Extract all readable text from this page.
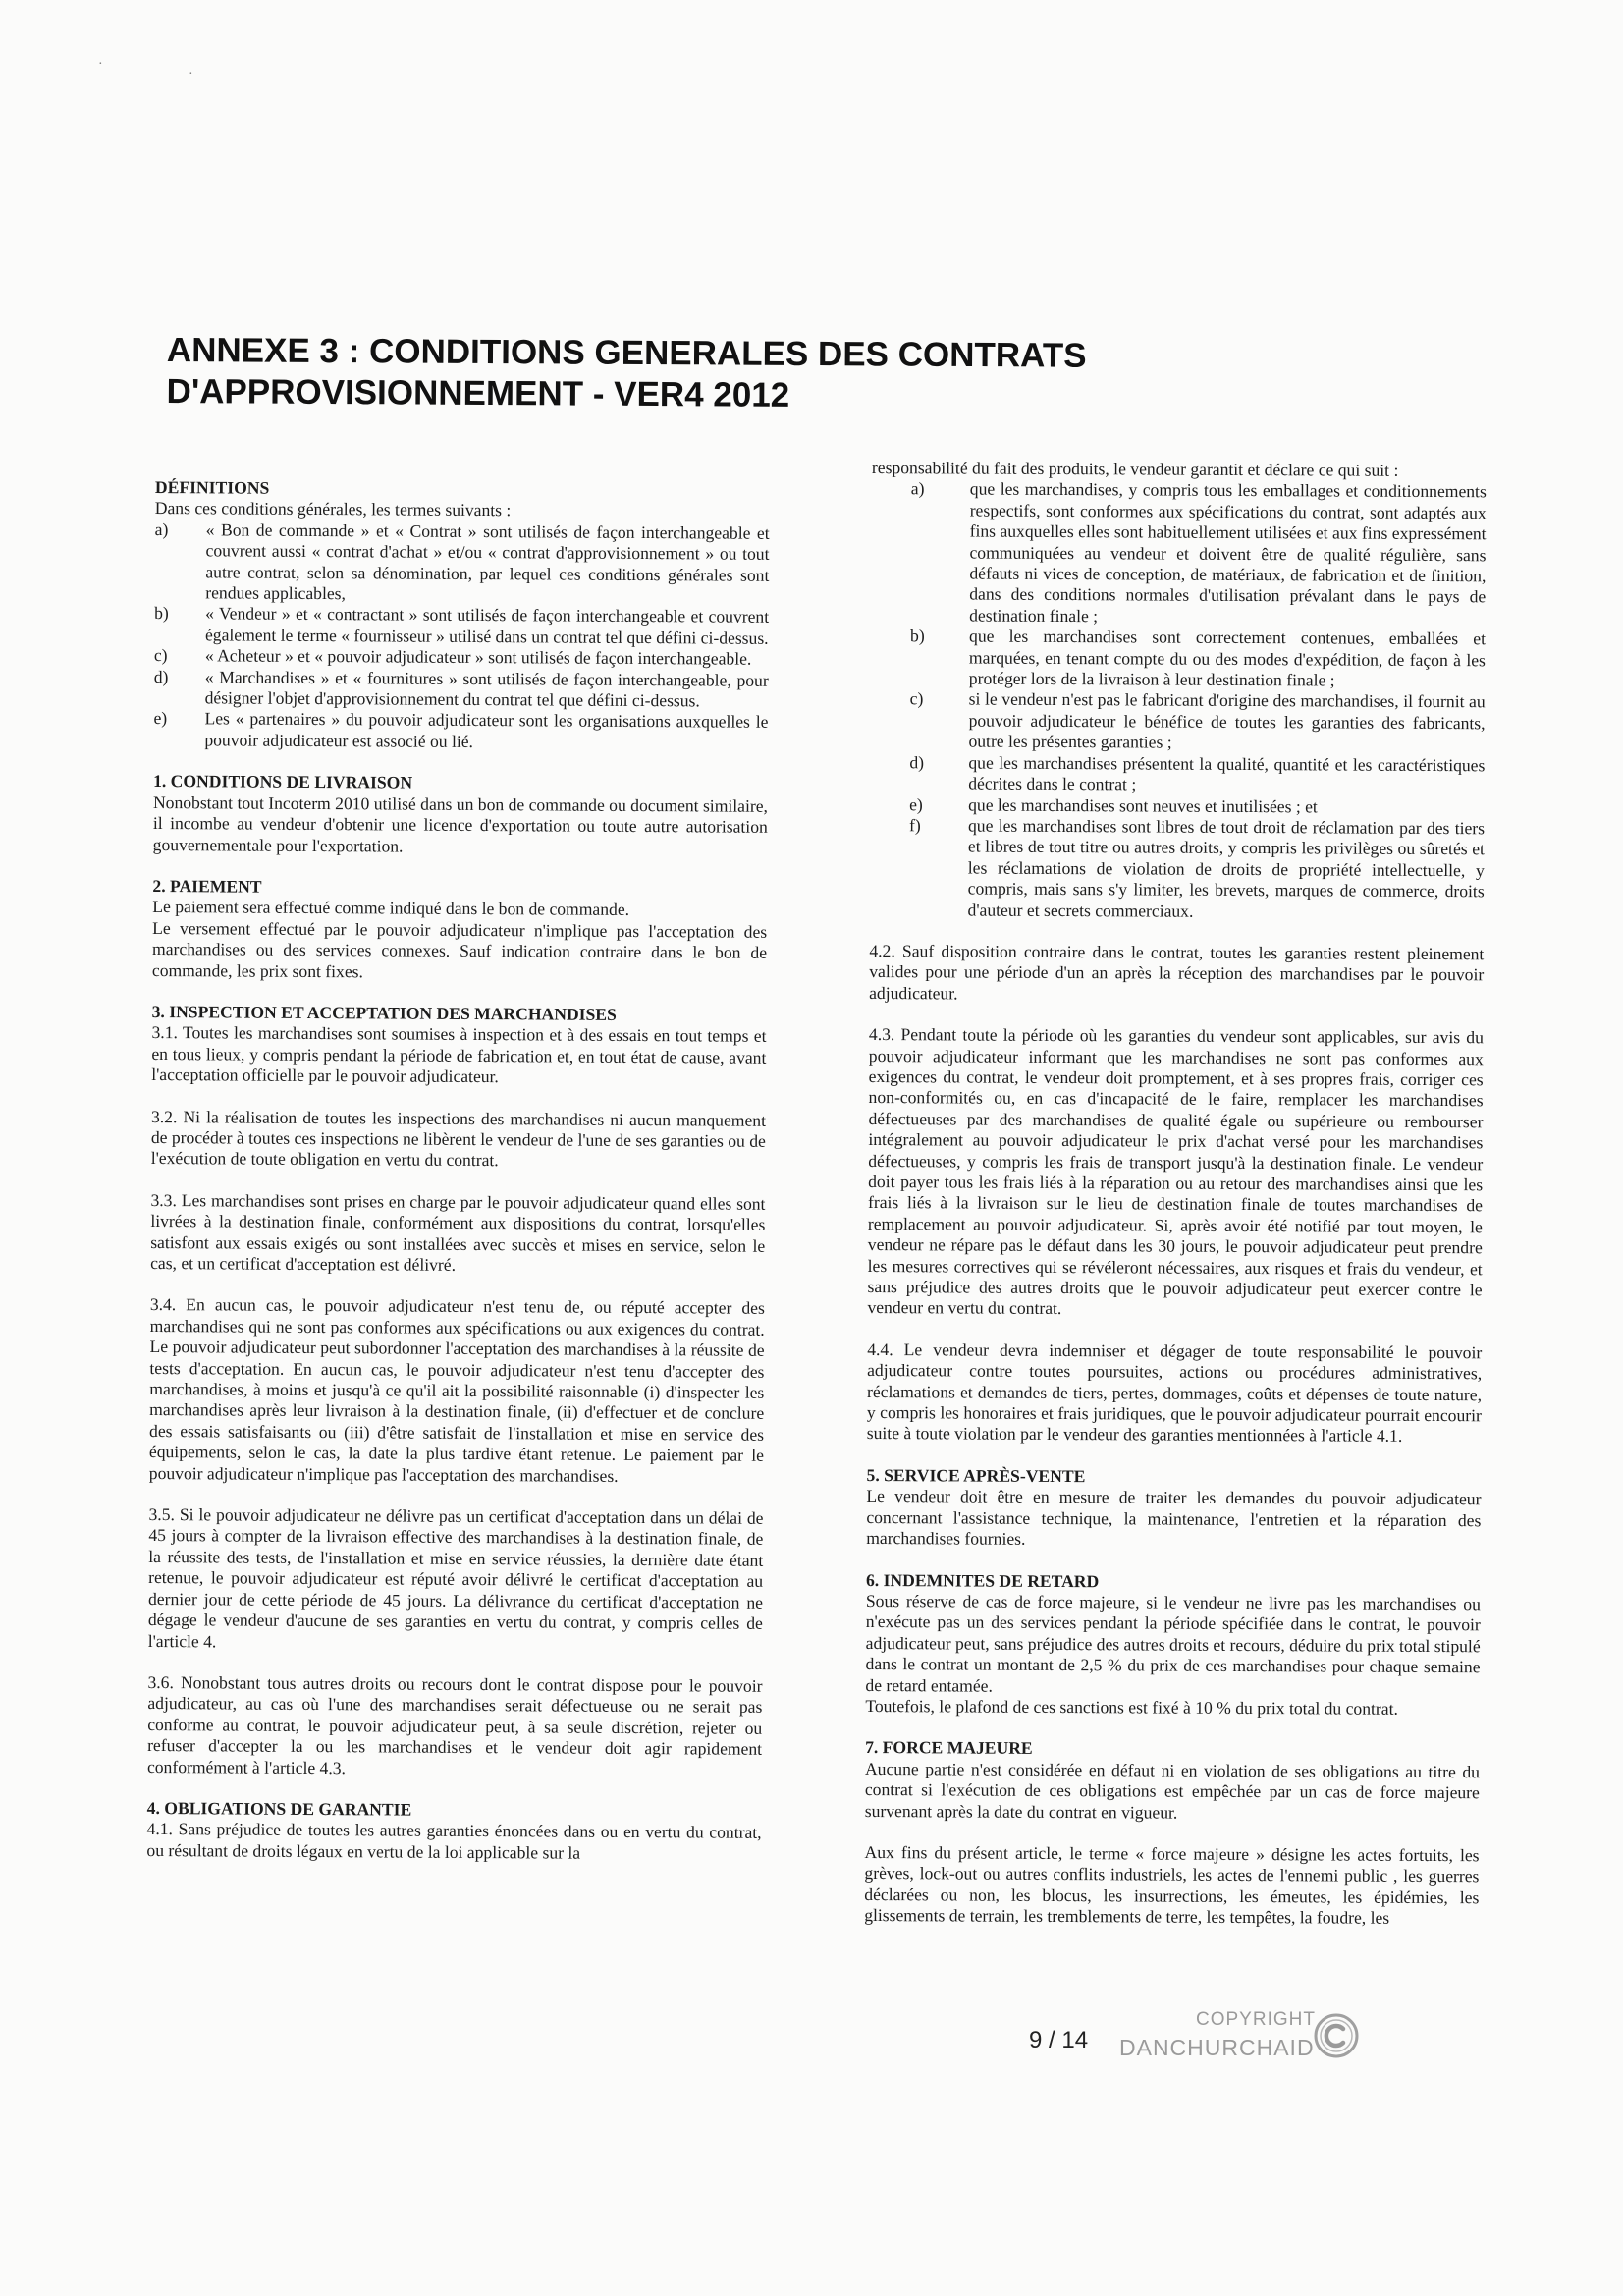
·
·
ANNEXE 3 : CONDITIONS GENERALES DES CONTRATS
D'APPROVISIONNEMENT - VER4 2012

DÉFINITIONS

Dans ces conditions générales, les termes suivants :

a)	« Bon de commande » et « Contrat » sont utilisés de façon interchangeable et couvrent aussi « contrat d'achat » et/ou « contrat d'approvisionnement » ou tout autre contrat, selon sa dénomination, par lequel ces conditions générales sont rendues applicables,
b)	« Vendeur » et « contractant » sont utilisés de façon interchangeable et couvrent également le terme « fournisseur » utilisé dans un contrat tel que défini ci-dessus.
c)	« Acheteur » et « pouvoir adjudicateur » sont utilisés de façon interchangeable.
d)	« Marchandises » et « fournitures » sont utilisés de façon interchangeable, pour désigner l'objet d'approvisionnement du contrat tel que défini ci-dessus.
e)	Les « partenaires » du pouvoir adjudicateur sont les organisations auxquelles le pouvoir adjudicateur est associé ou lié.

1. CONDITIONS DE LIVRAISON

Nonobstant tout Incoterm 2010 utilisé dans un bon de commande ou document similaire, il incombe au vendeur d'obtenir une licence d'exportation ou toute autre autorisation gouvernementale pour l'exportation.

2. PAIEMENT

Le paiement sera effectué comme indiqué dans le bon de commande.

Le versement effectué par le pouvoir adjudicateur n'implique pas l'acceptation des marchandises ou des services connexes. Sauf indication contraire dans le bon de commande, les prix sont fixes.

3. INSPECTION ET ACCEPTATION DES MARCHANDISES

3.1. Toutes les marchandises sont soumises à inspection et à des essais en tout temps et en tous lieux, y compris pendant la période de fabrication et, en tout état de cause, avant l'acceptation officielle par le pouvoir adjudicateur.

3.2. Ni la réalisation de toutes les inspections des marchandises ni aucun manquement de procéder à toutes ces inspections ne libèrent le vendeur de l'une de ses garanties ou de l'exécution de toute obligation en vertu du contrat.

3.3. Les marchandises sont prises en charge par le pouvoir adjudicateur quand elles sont livrées à la destination finale, conformément aux dispositions du contrat, lorsqu'elles satisfont aux essais exigés ou sont installées avec succès et mises en service, selon le cas, et un certificat d'acceptation est délivré.

3.4. En aucun cas, le pouvoir adjudicateur n'est tenu de, ou réputé accepter des marchandises qui ne sont pas conformes aux spécifications ou aux exigences du contrat. Le pouvoir adjudicateur peut subordonner l'acceptation des marchandises à la réussite de tests d'acceptation. En aucun cas, le pouvoir adjudicateur n'est tenu d'accepter des marchandises, à moins et jusqu'à ce qu'il ait la possibilité raisonnable (i) d'inspecter les marchandises après leur livraison à la destination finale, (ii) d'effectuer et de conclure des essais satisfaisants ou (iii) d'être satisfait de l'installation et mise en service des équipements, selon le cas, la date la plus tardive étant retenue. Le paiement par le pouvoir adjudicateur n'implique pas l'acceptation des marchandises.

3.5. Si le pouvoir adjudicateur ne délivre pas un certificat d'acceptation dans un délai de 45 jours à compter de la livraison effective des marchandises à la destination finale, de la réussite des tests, de l'installation et mise en service réussies, la dernière date étant retenue, le pouvoir adjudicateur est réputé avoir délivré le certificat d'acceptation au dernier jour de cette période de 45 jours. La délivrance du certificat d'acceptation ne dégage le vendeur d'aucune de ses garanties en vertu du contrat, y compris celles de l'article 4.

3.6. Nonobstant tous autres droits ou recours dont le contrat dispose pour le pouvoir adjudicateur, au cas où l'une des marchandises serait défectueuse ou ne serait pas conforme au contrat, le pouvoir adjudicateur peut, à sa seule discrétion, rejeter ou refuser d'accepter la ou les marchandises et le vendeur doit agir rapidement conformément à l'article 4.3.

4. OBLIGATIONS DE GARANTIE

4.1. Sans préjudice de toutes les autres garanties énoncées dans ou en vertu du contrat, ou résultant de droits légaux en vertu de la loi applicable sur la

responsabilité du fait des produits, le vendeur garantit et déclare ce qui suit :

a)	que les marchandises, y compris tous les emballages et conditionnements respectifs, sont conformes aux spécifications du contrat, sont adaptés aux fins auxquelles elles sont habituellement utilisées et aux fins expressément communiquées au vendeur et doivent être de qualité régulière, sans défauts ni vices de conception, de matériaux, de fabrication et de finition, dans des conditions normales d'utilisation prévalant dans le pays de destination finale ;
b)	que les marchandises sont correctement contenues, emballées et marquées, en tenant compte du ou des modes d'expédition, de façon à les protéger lors de la livraison à leur destination finale ;
c)	si le vendeur n'est pas le fabricant d'origine des marchandises, il fournit au pouvoir adjudicateur le bénéfice de toutes les garanties des fabricants, outre les présentes garanties ;
d)	que les marchandises présentent la qualité, quantité et les caractéristiques décrites dans le contrat ;
e)	que les marchandises sont neuves et inutilisées ; et
f)	que les marchandises sont libres de tout droit de réclamation par des tiers et libres de tout titre ou autres droits, y compris les privilèges ou sûretés et les réclamations de violation de droits de propriété intellectuelle, y compris, mais sans s'y limiter, les brevets, marques de commerce, droits d'auteur et secrets commerciaux.

4.2. Sauf disposition contraire dans le contrat, toutes les garanties restent pleinement valides pour une période d'un an après la réception des marchandises par le pouvoir adjudicateur.

4.3. Pendant toute la période où les garanties du vendeur sont applicables, sur avis du pouvoir adjudicateur informant que les marchandises ne sont pas conformes aux exigences du contrat, le vendeur doit promptement, et à ses propres frais, corriger ces non-conformités ou, en cas d'incapacité de le faire, remplacer les marchandises défectueuses par des marchandises de qualité égale ou supérieure ou rembourser intégralement au pouvoir adjudicateur le prix d'achat versé pour les marchandises défectueuses, y compris les frais de transport jusqu'à la destination finale. Le vendeur doit payer tous les frais liés à la réparation ou au retour des marchandises ainsi que les frais liés à la livraison sur le lieu de destination finale de toutes marchandises de remplacement au pouvoir adjudicateur. Si, après avoir été notifié par tout moyen, le vendeur ne répare pas le défaut dans les 30 jours, le pouvoir adjudicateur peut prendre les mesures correctives qui se révéleront nécessaires, aux risques et frais du vendeur, et sans préjudice des autres droits que le pouvoir adjudicateur peut exercer contre le vendeur en vertu du contrat.

4.4. Le vendeur devra indemniser et dégager de toute responsabilité le pouvoir adjudicateur contre toutes poursuites, actions ou procédures administratives, réclamations et demandes de tiers, pertes, dommages, coûts et dépenses de toute nature, y compris les honoraires et frais juridiques, que le pouvoir adjudicateur pourrait encourir suite à toute violation par le vendeur des garanties mentionnées à l'article 4.1.

5. SERVICE APRÈS-VENTE

Le vendeur doit être en mesure de traiter les demandes du pouvoir adjudicateur concernant l'assistance technique, la maintenance, l'entretien et la réparation des marchandises fournies.

6. INDEMNITES DE RETARD

Sous réserve de cas de force majeure, si le vendeur ne livre pas les marchandises ou n'exécute pas un des services pendant la période spécifiée dans le contrat, le pouvoir adjudicateur peut, sans préjudice des autres droits et recours, déduire du prix total stipulé dans le contrat un montant de 2,5 % du prix de ces marchandises pour chaque semaine de retard entamée.

Toutefois, le plafond de ces sanctions est fixé à 10 % du prix total du contrat.

7. FORCE MAJEURE

Aucune partie n'est considérée en défaut ni en violation de ses obligations au titre du contrat si l'exécution de ces obligations est empêchée par un cas de force majeure survenant après la date du contrat en vigueur.

Aux fins du présent article, le terme « force majeure » désigne les actes fortuits, les grèves, lock-out ou autres conflits industriels, les actes de l'ennemi public , les guerres déclarées ou non, les blocus, les insurrections, les émeutes, les épidémies, les glissements de terrain, les tremblements de terre, les tempêtes, la foudre, les

9 / 14
COPYRIGHT
DANCHURCHAID
